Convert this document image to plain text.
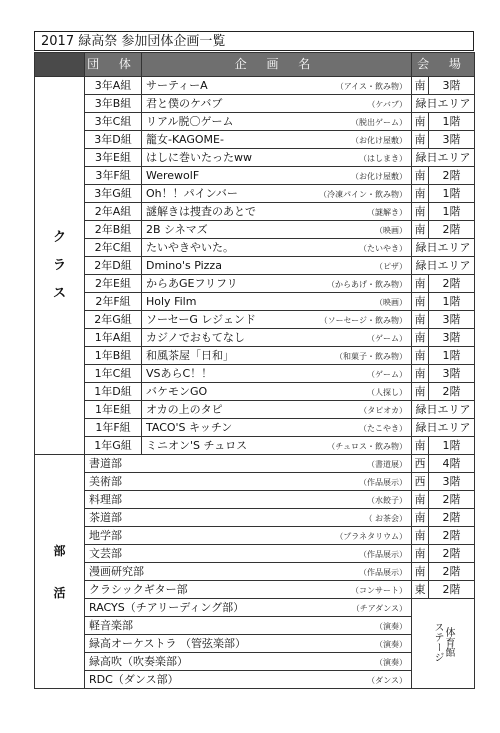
2017 緑高祭 参加団体企画一覧
	団 体	企 画 名	会 場	

ク
ラ
ス	3年A組	サーティーA （アイス・飲み物）	南	3階
	3年B組	君と僕のケバブ （ケバブ）	緑日エリア	
	3年C組	リアル脱〇ゲーム （脱出ゲーム）	南	1階
	3年D組	籠女-KAGOME- （お化け屋敷）	南	3階
	3年E組	はしに巻いたったww （はしまき）	緑日エリア	
	3年F組	WerewolF （お化け屋敷）	南	2階
	3年G組	Oh！！パインバー （冷凍パイン・飲み物）	南	1階
	2年A組	謎解きは捜査のあとで （謎解き）	南	1階
	2年B組	2B シネマズ （映画）	南	2階
	2年C組	たいやきやいた。 （たいやき）	緑日エリア	
	2年D組	Dmino's Pizza （ピザ）	緑日エリア	
	2年E組	からあGEフリフリ （からあげ・飲み物）	南	2階
	2年F組	Holy Film （映画）	南	1階
	2年G組	ソーセーG レジェンド （ソーセージ・飲み物）	南	3階
	1年A組	カジノでおもてなし （ゲーム）	南	3階
	1年B組	和風茶屋「日和」 （和菓子・飲み物）	南	1階
	1年C組	VSあらC！！ （ゲーム）	南	3階
	1年D組	バケモンGO （人探し）	南	2階
	1年E組	オカの上のタピ （タピオカ）	緑日エリア	
	1年F組	TACO'S キッチン （たこやき）	緑日エリア	
	1年G組	ミニオン'S チュロス （チュロス・飲み物）	南	1階

部
活	書道部 （書道展）		西	4階
	美術部 （作品展示）		西	3階
	料理部 （水餃子）		南	2階
	茶道部 （ お茶会）		南	2階
	地学部 （プラネタリウム）		南	2階
	文芸部 （作品展示）		南	2階
	漫画研究部 （作品展示）		南	2階
	クラシックギター部 （コンサート）		東	2階
	RACYS（チアリーディング部） （チアダンス）		体育館
ステージ	

	軽音楽部 （演奏）			

	緑高オーケストラ （管弦楽部） （演奏）			

	緑高吹（吹奏楽部） （演奏）			

	RDC（ダンス部） （ダンス）			
